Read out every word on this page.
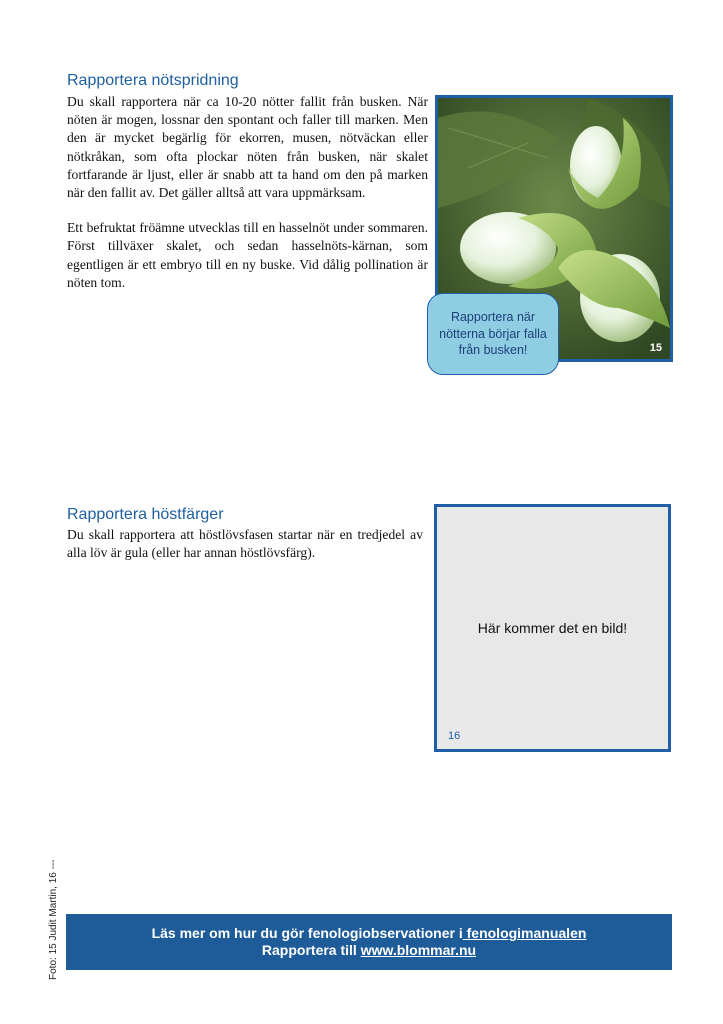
Rapportera nötspridning

Du skall rapportera när ca 10-20 nötter fallit från busken. När nöten är mogen, lossnar den spontant och faller till marken. Men den är mycket begärlig för ekorren, musen, nötväckan eller nötkråkan, som ofta plockar nöten från busken, när skalet fortfarande är ljust, eller är snabb att ta hand om den på marken när den fallit av. Det gäller alltså att vara uppmärksam.

Ett befruktat fröämne utvecklas till en hasselnöt under sommaren. Först tillväxer skalet, och sedan hasselnöts-kärnan, som egentligen är ett embryo till en ny buske. Vid dålig pollination är nöten tom.

15
Rapportera när nötterna börjar falla från busken!
Rapportera höstfärger

Du skall rapportera att höstlövsfasen startar när en tredjedel av alla löv är gula (eller har annan höstlövsfärg).

Här kommer det en bild!
16
Foto: 15 Judit Martin, 16 ---	Läs mer om hur du gör fenologiobservationer i fenologimanualen
Rapportera till www.blommar.nu
